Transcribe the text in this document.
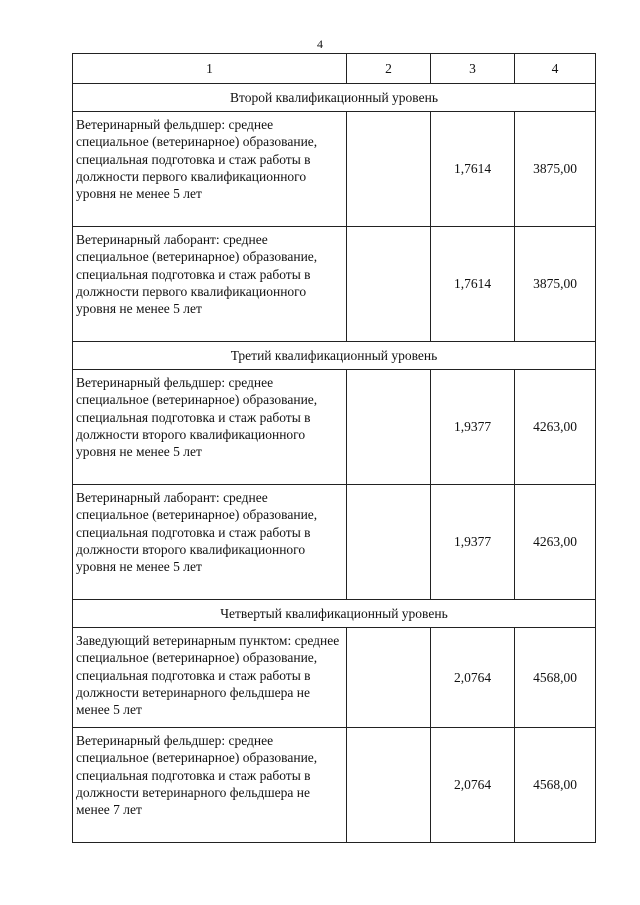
4
1	2	3	4
Второй квалификационный уровень			
Ветеринарный фельдшер: среднее специальное (ветеринарное) образование, специальная подготовка и стаж работы в должности первого квалификационного уровня не менее 5 лет		1,7614	3875,00
Ветеринарный лаборант: среднее специальное (ветеринарное) образование, специальная подготовка и стаж работы в должности первого квалификационного уровня не менее 5 лет		1,7614	3875,00
Третий квалификационный уровень			
Ветеринарный фельдшер: среднее специальное (ветеринарное) образование, специальная подготовка и стаж работы в должности второго квалификационного уровня не менее 5 лет		1,9377	4263,00
Ветеринарный лаборант: среднее специальное (ветеринарное) образование, специальная подготовка и стаж работы в должности второго квалификационного уровня не менее 5 лет		1,9377	4263,00
Четвертый квалификационный уровень			
Заведующий ветеринарным пунктом: среднее специальное (ветеринарное) образование, специальная подготовка и стаж работы в должности ветеринарного фельдшера не менее 5 лет		2,0764	4568,00
Ветеринарный фельдшер: среднее специальное (ветеринарное) образование, специальная подготовка и стаж работы в должности ветеринарного фельдшера не менее 7 лет		2,0764	4568,00
